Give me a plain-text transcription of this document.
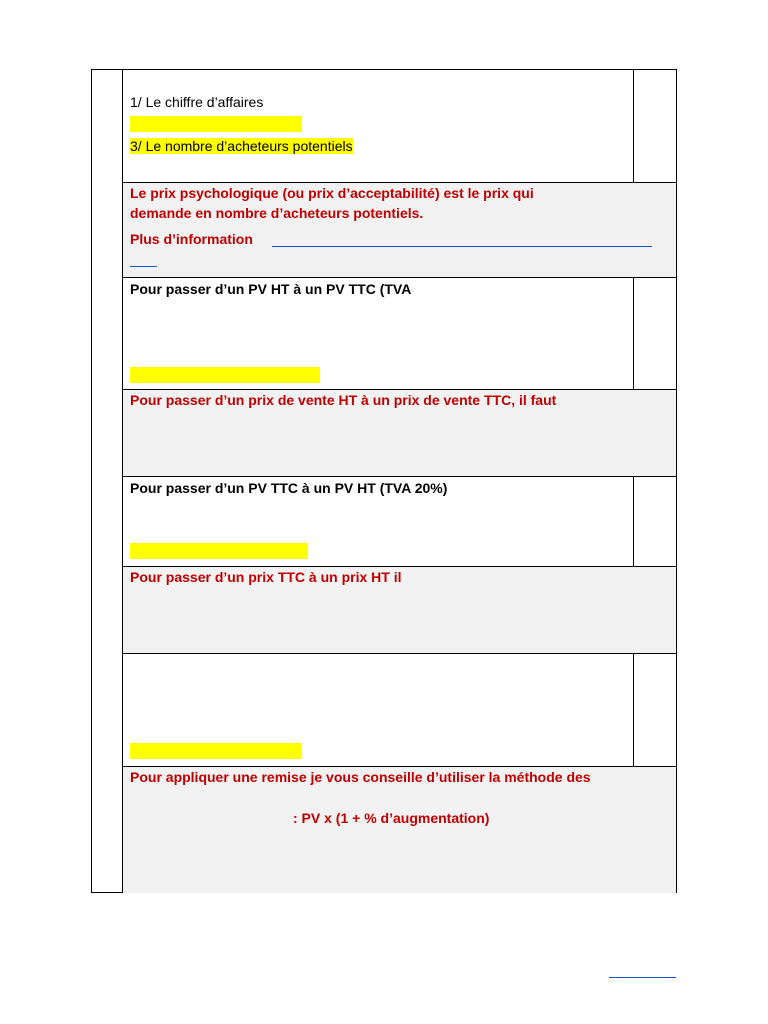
1/ Le chiffre d’affaires
3/ Le nombre d’acheteurs potentiels
Le prix psychologique (ou prix d’acceptabilité) est le prix qui
demande en nombre d’acheteurs potentiels.
Plus d’information
Pour passer d’un PV HT à un PV TTC (TVA
Pour passer d’un prix de vente HT à un prix de vente TTC, il faut
Pour passer d’un PV TTC à un PV HT (TVA 20%)
Pour passer d’un prix TTC à un prix HT il
Pour appliquer une remise je vous conseille d’utiliser la méthode des
: PV x (1 + % d’augmentation)
